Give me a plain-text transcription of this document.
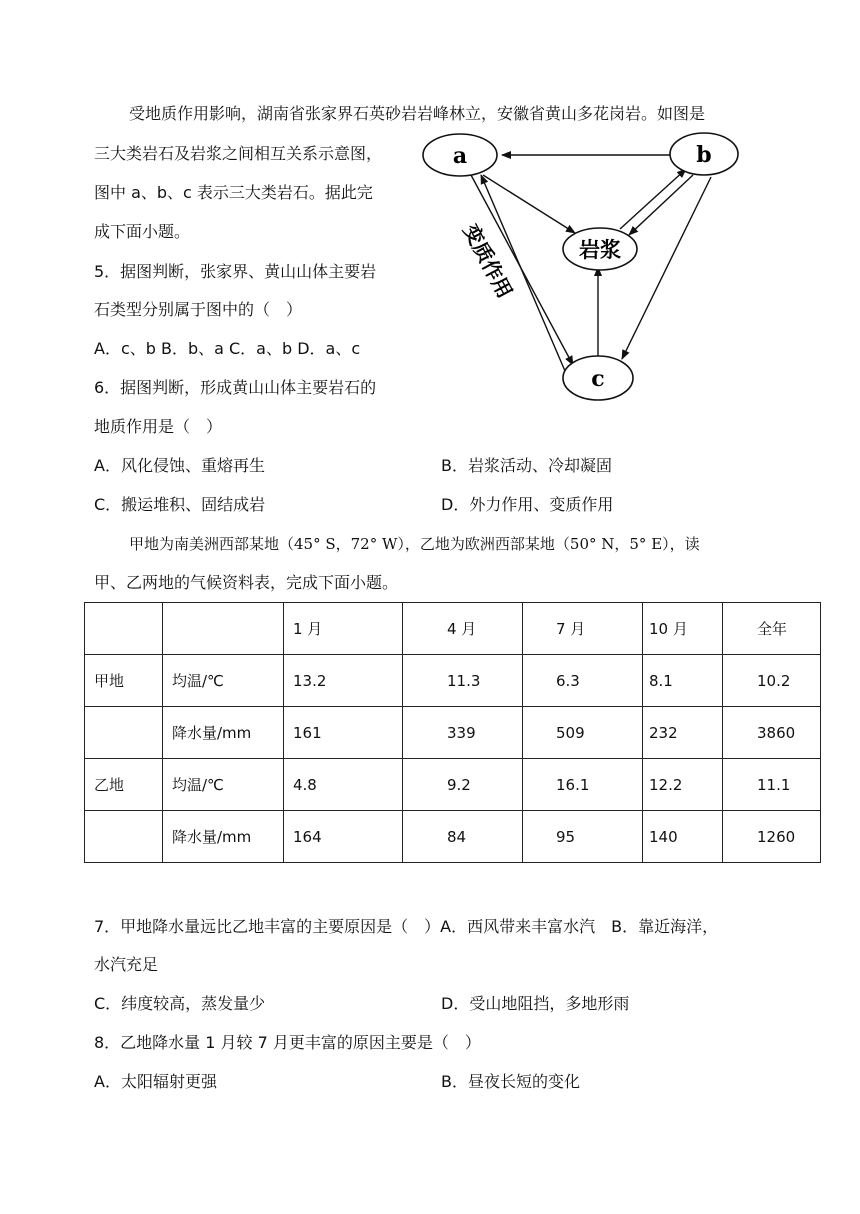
受地质作用影响，湖南省张家界石英砂岩岩峰林立，安徽省黄山多花岗岩。如图是
三大类岩石及岩浆之间相互关系示意图，
图中 a、b、c 表示三大类岩石。据此完
成下面小题。
a	b
岩浆
c
变质作用
5．据图判断，张家界、黄山山体主要岩
石类型分别属于图中的（　）
A．c、b B．b、a C．a、b D．a、c
6．据图判断，形成黄山山体主要岩石的
地质作用是（　）
A．风化侵蚀、重熔再生	B．岩浆活动、冷却凝固
C．搬运堆积、固结成岩	D．外力作用、变质作用
甲地为南美洲西部某地（45° S，72° W），乙地为欧洲西部某地（50° N，5° E），读
甲、乙两地的气候资料表，完成下面小题。
		1 月	4 月	7 月	10 月	全年
甲地	均温/℃	13.2	11.3	6.3	8.1	10.2
	降水量/mm	161	339	509	232	3860
乙地	均温/℃	4.8	9.2	16.1	12.2	11.1
	降水量/mm	164	84	95	140	1260
7．甲地降水量远比乙地丰富的主要原因是（　）A．西风带来丰富水汽　B．靠近海洋，
水汽充足
C．纬度较高，蒸发量少	D．受山地阻挡，多地形雨
8．乙地降水量 1 月较 7 月更丰富的原因主要是（　）
A．太阳辐射更强	B．昼夜长短的变化
